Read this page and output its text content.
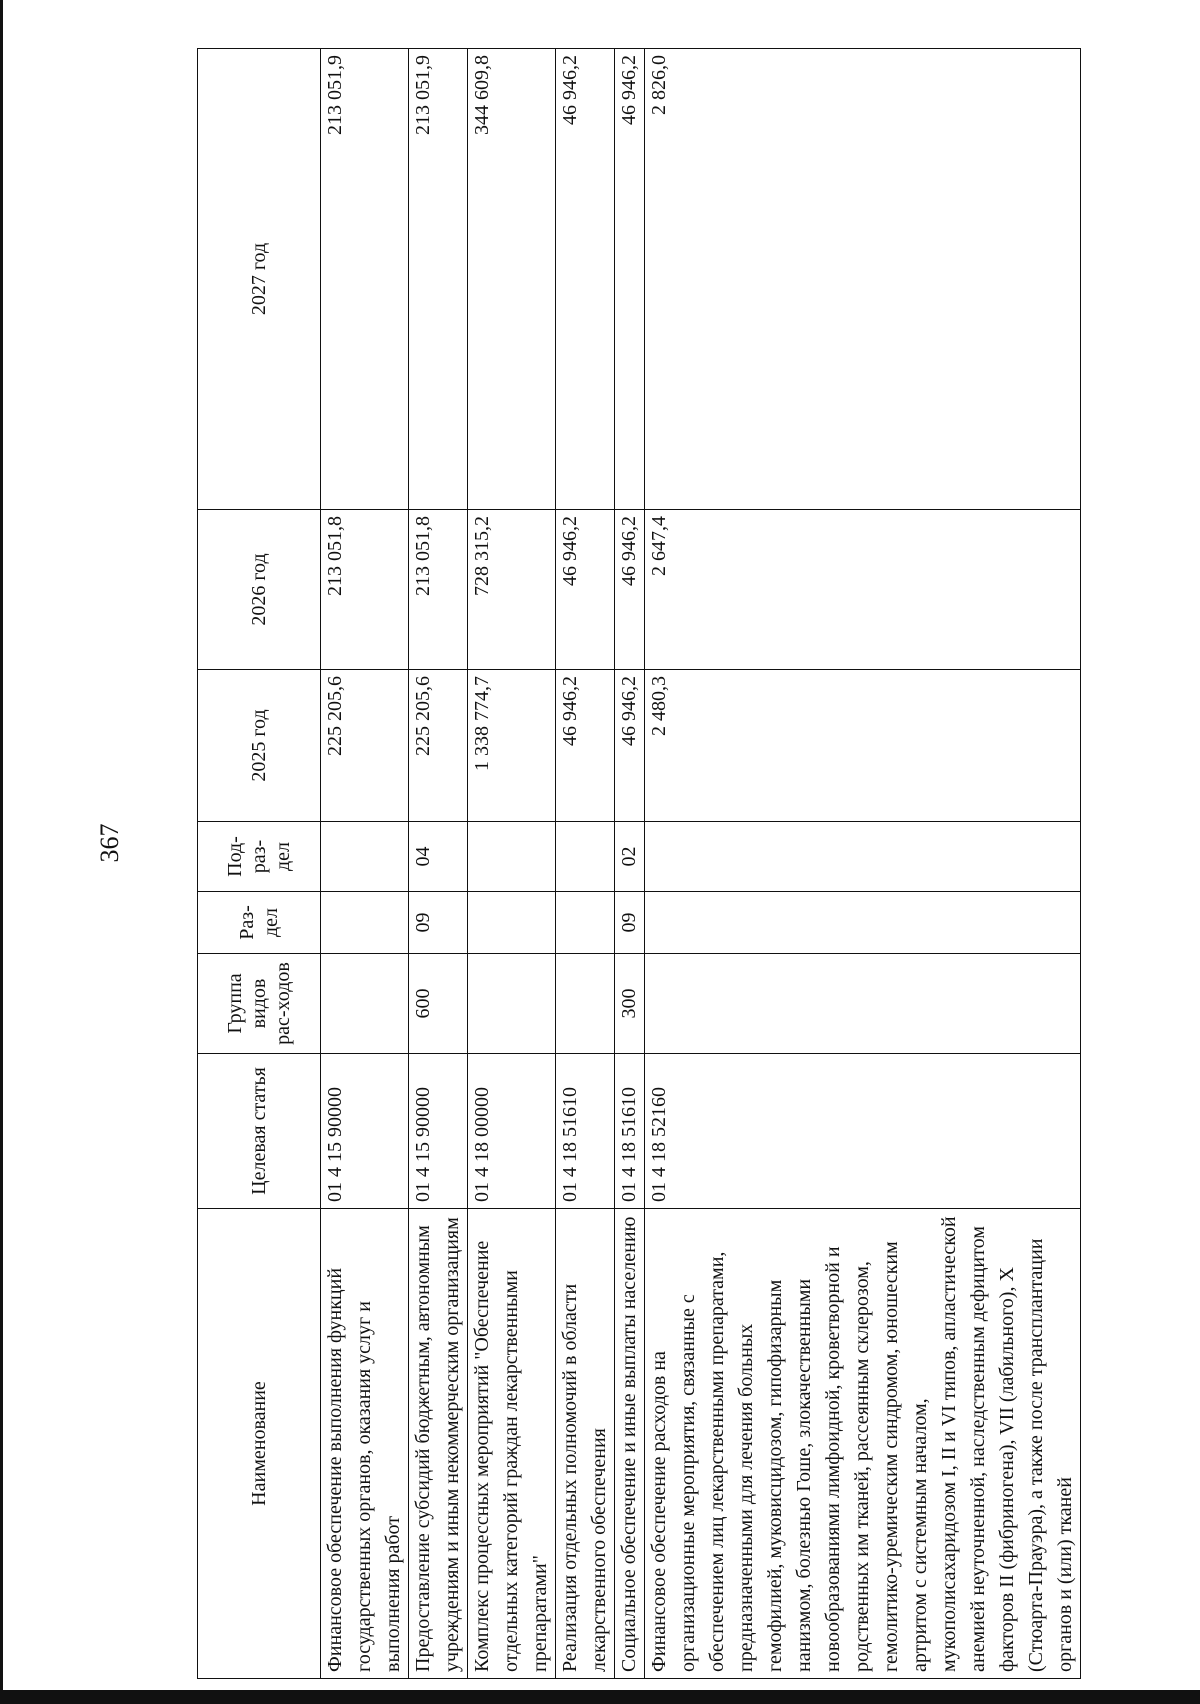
367
Наименование	Целевая статья	Группа видов рас-ходов	Раз-дел	Под-раз-дел	2025 год	2026 год	2027 год
Финансовое обеспечение выполнения функций государственных органов, оказания услуг и выполнения работ	01 4 15 90000				225 205,6	213 051,8	213 051,9
Предоставление субсидий бюджетным, автономным учреждениям и иным некоммерческим организациям	01 4 15 90000	600	09	04	225 205,6	213 051,8	213 051,9
Комплекс процессных мероприятий "Обеспечение отдельных категорий граждан лекарственными препаратами"	01 4 18 00000				1 338 774,7	728 315,2	344 609,8
Реализация отдельных полномочий в области лекарственного обеспечения	01 4 18 51610				46 946,2	46 946,2	46 946,2
Социальное обеспечение и иные выплаты населению	01 4 18 51610	300	09	02	46 946,2	46 946,2	46 946,2
Финансовое обеспечение расходов на организационные мероприятия, связанные с обеспечением лиц лекарственными препаратами, предназначенными для лечения больных гемофилией, муковисцидозом, гипофизарным нанизмом, болезнью Гоше, злокачественными новообразованиями лимфоидной, кроветворной и родственных им тканей, рассеянным склерозом, гемолитико-уремическим синдромом, юношеским артритом с системным началом, мукополисахаридозом I, II и VI типов, апластической анемией неуточненной, наследственным дефицитом факторов II (фибриногена), VII (лабильного), X (Стюарта-Прауэра), а также после трансплантации органов и (или) тканей	01 4 18 52160				2 480,3	2 647,4	2 826,0
